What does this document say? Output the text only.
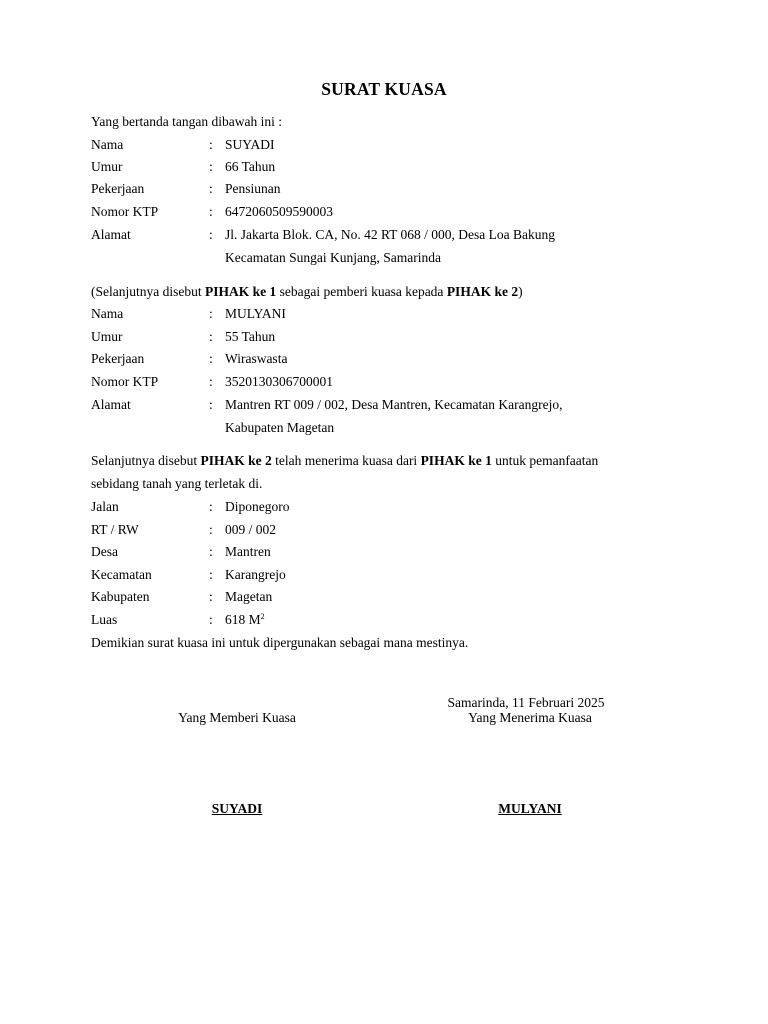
SURAT KUASA
Yang bertanda tangan dibawah ini :
Nama	: SUYADI
Umur	: 66 Tahun
Pekerjaan	: Pensiunan
Nomor KTP	: 6472060509590003
Alamat	: Jl. Jakarta Blok. CA, No. 42 RT 068 / 000, Desa Loa Bakung
Kecamatan Sungai Kunjang, Samarinda
(Selanjutnya disebut PIHAK ke 1 sebagai pemberi kuasa kepada PIHAK ke 2)
Nama	: MULYANI
Umur	: 55 Tahun
Pekerjaan	: Wiraswasta
Nomor KTP	: 3520130306700001
Alamat	: Mantren RT 009 / 002, Desa Mantren, Kecamatan Karangrejo,
Kabupaten Magetan
Selanjutnya disebut PIHAK ke 2 telah menerima kuasa dari PIHAK ke 1 untuk pemanfaatan
sebidang tanah yang terletak di.
Jalan	: Diponegoro
RT / RW	: 009 / 002
Desa	: Mantren
Kecamatan	: Karangrejo
Kabupaten	: Magetan
Luas	: 618 $M^2$
Demikian surat kuasa ini untuk dipergunakan sebagai mana mestinya.
Samarinda, 11 Februari 2025
Yang Memberi Kuasa	Yang Menerima Kuasa
SUYADI	MULYANI
